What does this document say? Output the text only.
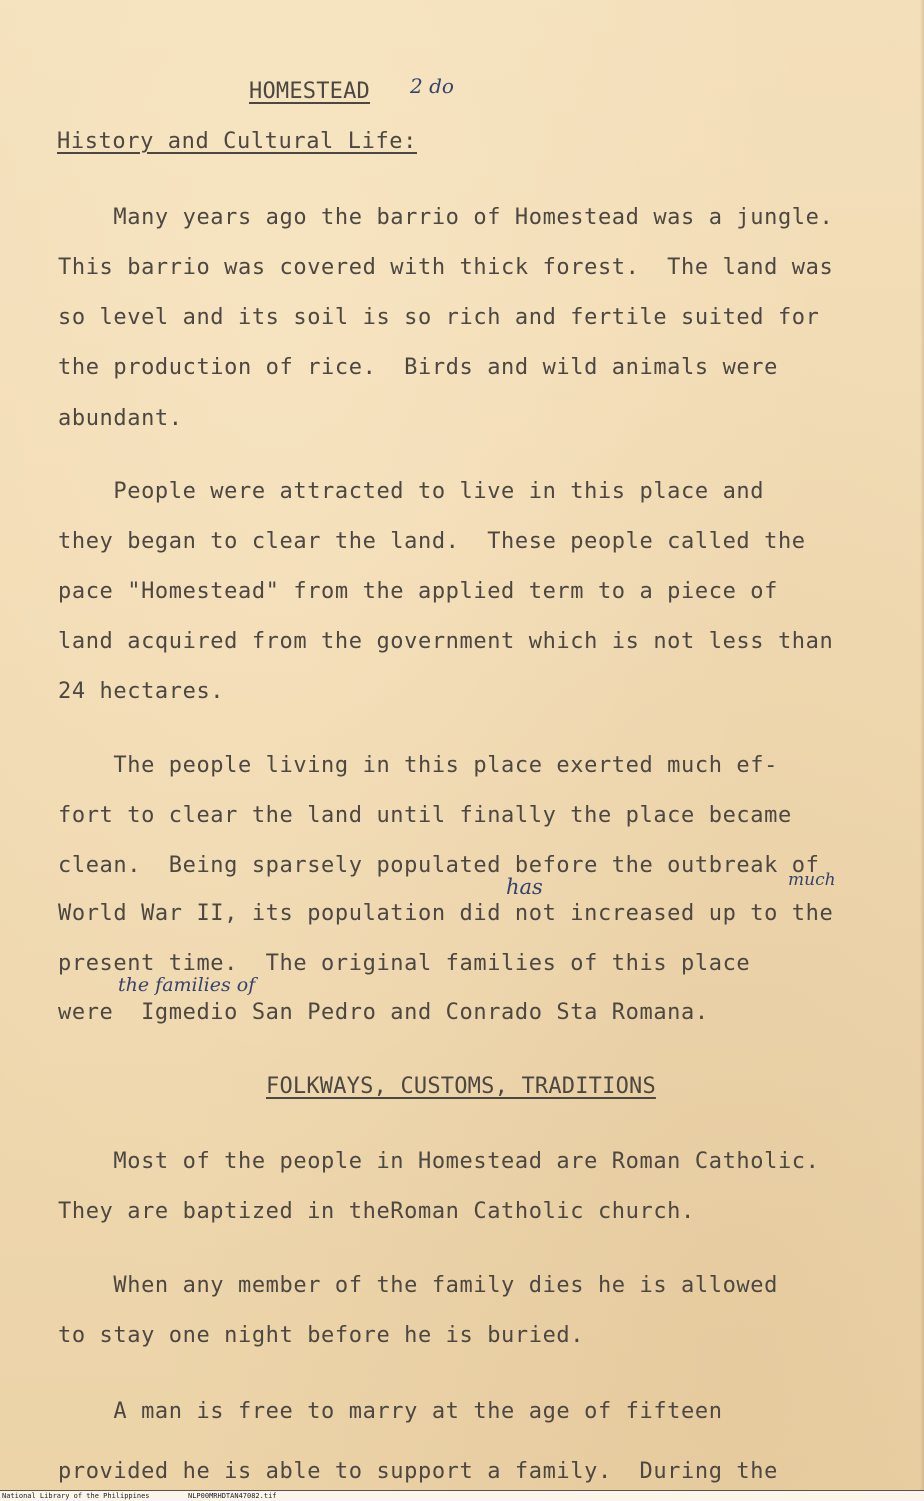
HOMESTEAD 2 do
History and Cultural Life:
Many years ago the barrio of Homestead was a jungle.
This barrio was covered with thick forest.  The land was
so level and its soil is so rich and fertile suited for
the production of rice.  Birds and wild animals were
abundant.
People were attracted to live in this place and
they began to clear the land.  These people called the
pace "Homestead" from the applied term to a piece of
land acquired from the government which is not less than
24 hectares.
The people living in this place exerted much ef-
fort to clear the land until finally the place became
clean.  Being sparsely populated before the outbreak of
World War II, its population did not increased up to the
present time.  The original families of this place
were  Igmedio San Pedro and Conrado Sta Romana.
has	much
the families of
FOLKWAYS, CUSTOMS, TRADITIONS
Most of the people in Homestead are Roman Catholic.
They are baptized in theRoman Catholic church.
When any member of the family dies he is allowed
to stay one night before he is buried.
A man is free to marry at the age of fifteen
provided he is able to support a family.  During the
National Library of the Philippines	NLP00MRHDTAN47082.tif
